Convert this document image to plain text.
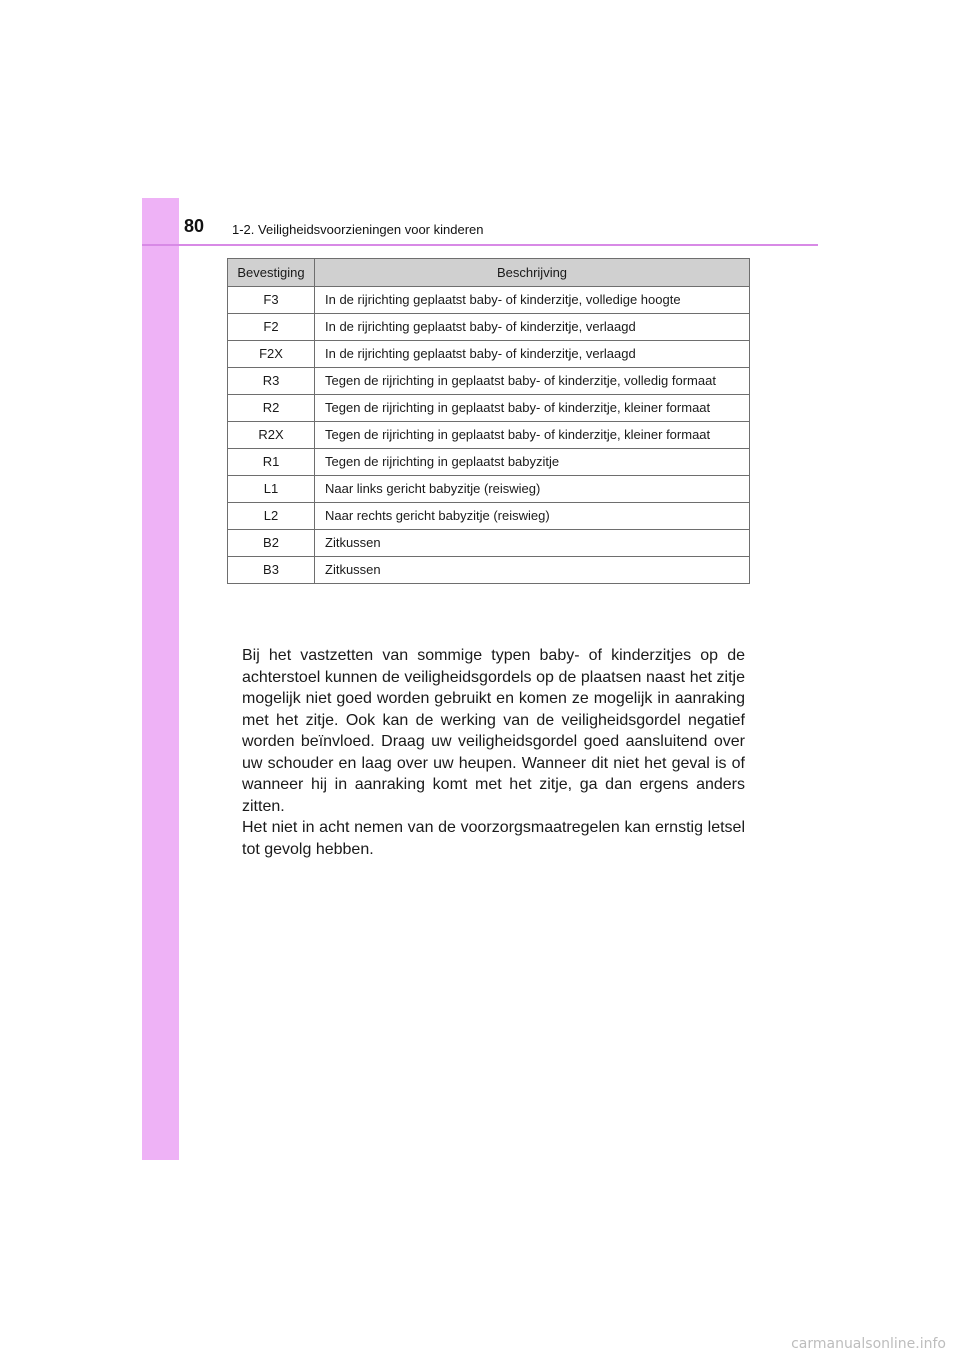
80 1-2. Veiligheidsvoorzieningen voor kinderen
Bevestiging	Beschrijving
F3	In de rijrichting geplaatst baby- of kinderzitje, volledige hoogte
F2	In de rijrichting geplaatst baby- of kinderzitje, verlaagd
F2X	In de rijrichting geplaatst baby- of kinderzitje, verlaagd
R3	Tegen de rijrichting in geplaatst baby- of kinderzitje, volledig formaat
R2	Tegen de rijrichting in geplaatst baby- of kinderzitje, kleiner formaat
R2X	Tegen de rijrichting in geplaatst baby- of kinderzitje, kleiner formaat
R1	Tegen de rijrichting in geplaatst babyzitje
L1	Naar links gericht babyzitje (reiswieg)
L2	Naar rechts gericht babyzitje (reiswieg)
B2	Zitkussen
B3	Zitkussen

Bij het vastzetten van sommige typen baby- of kinderzitjes op de achterstoel kunnen de veiligheidsgordels op de plaatsen naast het zitje mogelijk niet goed worden gebruikt en komen ze mogelijk in aanraking met het zitje. Ook kan de werking van de veiligheidsgordel negatief worden beïnvloed. Draag uw veiligheidsgordel goed aansluitend over uw schouder en laag over uw heupen. Wanneer dit niet het geval is of wanneer hij in aanraking komt met het zitje, ga dan ergens anders zitten.

Het niet in acht nemen van de voorzorgsmaatregelen kan ernstig letsel tot gevolg hebben.

carmanualsonline.info
